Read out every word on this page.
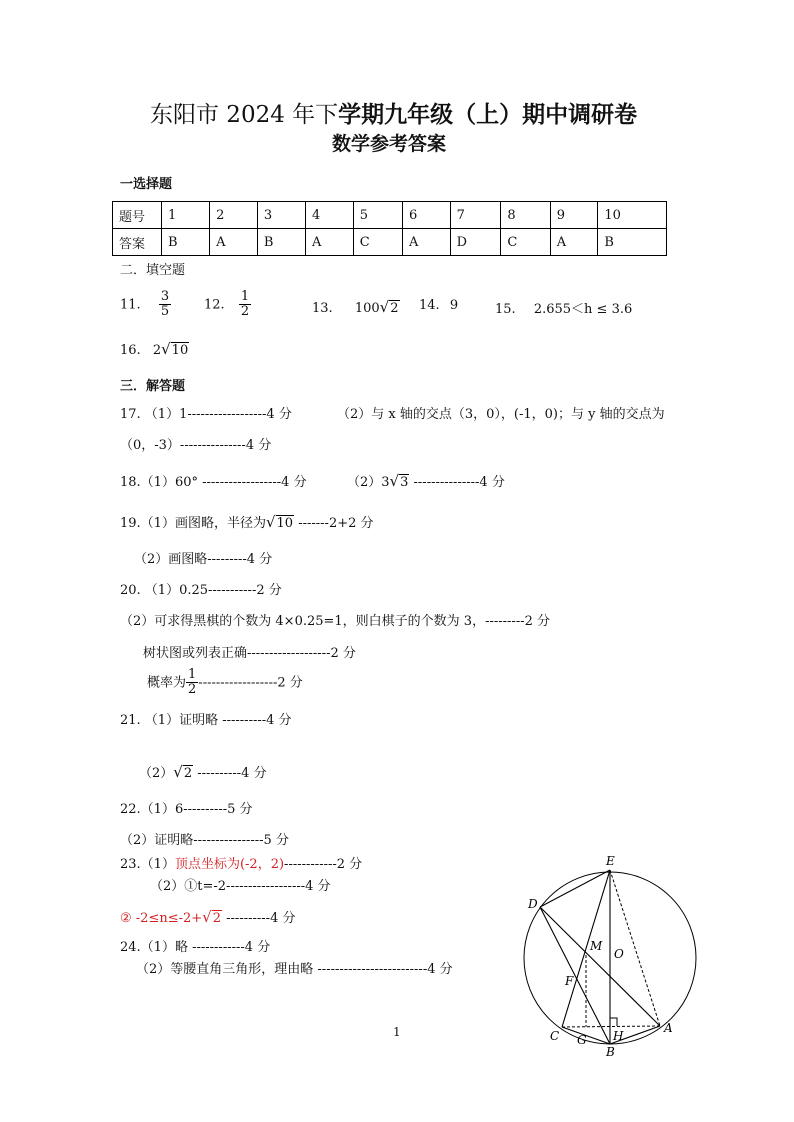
东阳市 2024 年下学期九年级（上）期中调研卷
数学参考答案
一选择题
题号	1	2	3	4	5	6	7	8	9	10
答案	B	A	B	A	C	A	D	C	A	B
二．填空题
11. $\frac{3}{5}$	12. $\frac{1}{2}$	13. 100√2 14. 9	15. 2.655＜h ≤ 3.6
16. 2√10
三．解答题
17. （1）1------------------4 分	（2）与 x 轴的交点（3，0），(-1，0)；与 y 轴的交点为
（0，-3）---------------4 分
18.（1）60° ------------------4 分	（2）3√3 ---------------4 分
19.（1）画图略，半径为√10 -------2+2 分
（2）画图略---------4 分
20. （1）0.25-----------2 分
（2）可求得黑棋的个数为 4×0.25=1，则白棋子的个数为 3，---------2 分
树状图或列表正确-------------------2 分
概率为 $\frac{1}{2} ------------------2$ 分
21. （1）证明略 ----------4 分
（2）√2 ----------4 分
22.（1）6----------5 分
（2）证明略----------------5 分
23.（1）顶点坐标为(-2，2)------------2 分
（2）①t=-2------------------4 分
② -2≤n≤-2+√2 ----------4 分
24.（1）略 ------------4 分
（2）等腰直角三角形，理由略 -------------------------4 分
1
E
D
M
O
F
C G H
A
B
